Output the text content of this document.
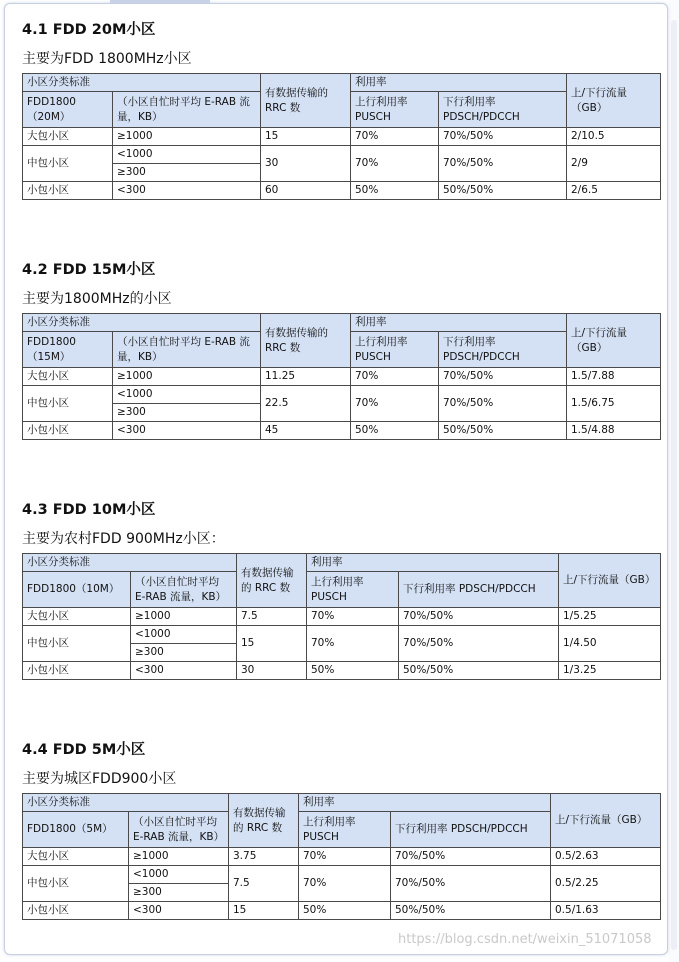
4.1 FDD 20M小区
主要为FDD 1800MHz小区
小区分类标准		有数据传输的 RRC 数	利用率		上/下行流量（GB）
FDD1800（20M）	（小区自忙时平均 E-RAB 流量，KB）		上行利用率 PUSCH	下行利用率 PDSCH/PDCCH	

大包小区	≥1000	15	70%	70%/50%	2/10.5
中包小区	<1000	30	70%	70%/50%	2/9
	≥300				
小包小区	<300	60	50%	50%/50%	2/6.5
4.2 FDD 15M小区
主要为1800MHz的小区
小区分类标准		有数据传输的 RRC 数	利用率		上/下行流量（GB）
FDD1800（15M）	（小区自忙时平均 E-RAB 流量，KB）		上行利用率 PUSCH	下行利用率 PDSCH/PDCCH	

大包小区	≥1000	11.25	70%	70%/50%	1.5/7.88
中包小区	<1000	22.5	70%	70%/50%	1.5/6.75
	≥300				
小包小区	<300	45	50%	50%/50%	1.5/4.88
4.3 FDD 10M小区
主要为农村FDD 900MHz小区：
小区分类标准		有数据传输的 RRC 数	利用率		上/下行流量（GB）
FDD1800（10M）	（小区自忙时平均 E-RAB 流量，KB）		上行利用率 PUSCH	下行利用率 PDSCH/PDCCH	

大包小区	≥1000	7.5	70%	70%/50%	1/5.25
中包小区	<1000	15	70%	70%/50%	1/4.50
	≥300				
小包小区	<300	30	50%	50%/50%	1/3.25
4.4 FDD 5M小区
主要为城区FDD900小区
小区分类标准		有数据传输的 RRC 数	利用率		上/下行流量（GB）
FDD1800（5M）	（小区自忙时平均 E-RAB 流量，KB）		上行利用率 PUSCH	下行利用率 PDSCH/PDCCH	

大包小区	≥1000	3.75	70%	70%/50%	0.5/2.63
中包小区	<1000	7.5	70%	70%/50%	0.5/2.25
	≥300				
小包小区	<300	15	50%	50%/50%	0.5/1.63
https://blog.csdn.net/weixin_51071058
